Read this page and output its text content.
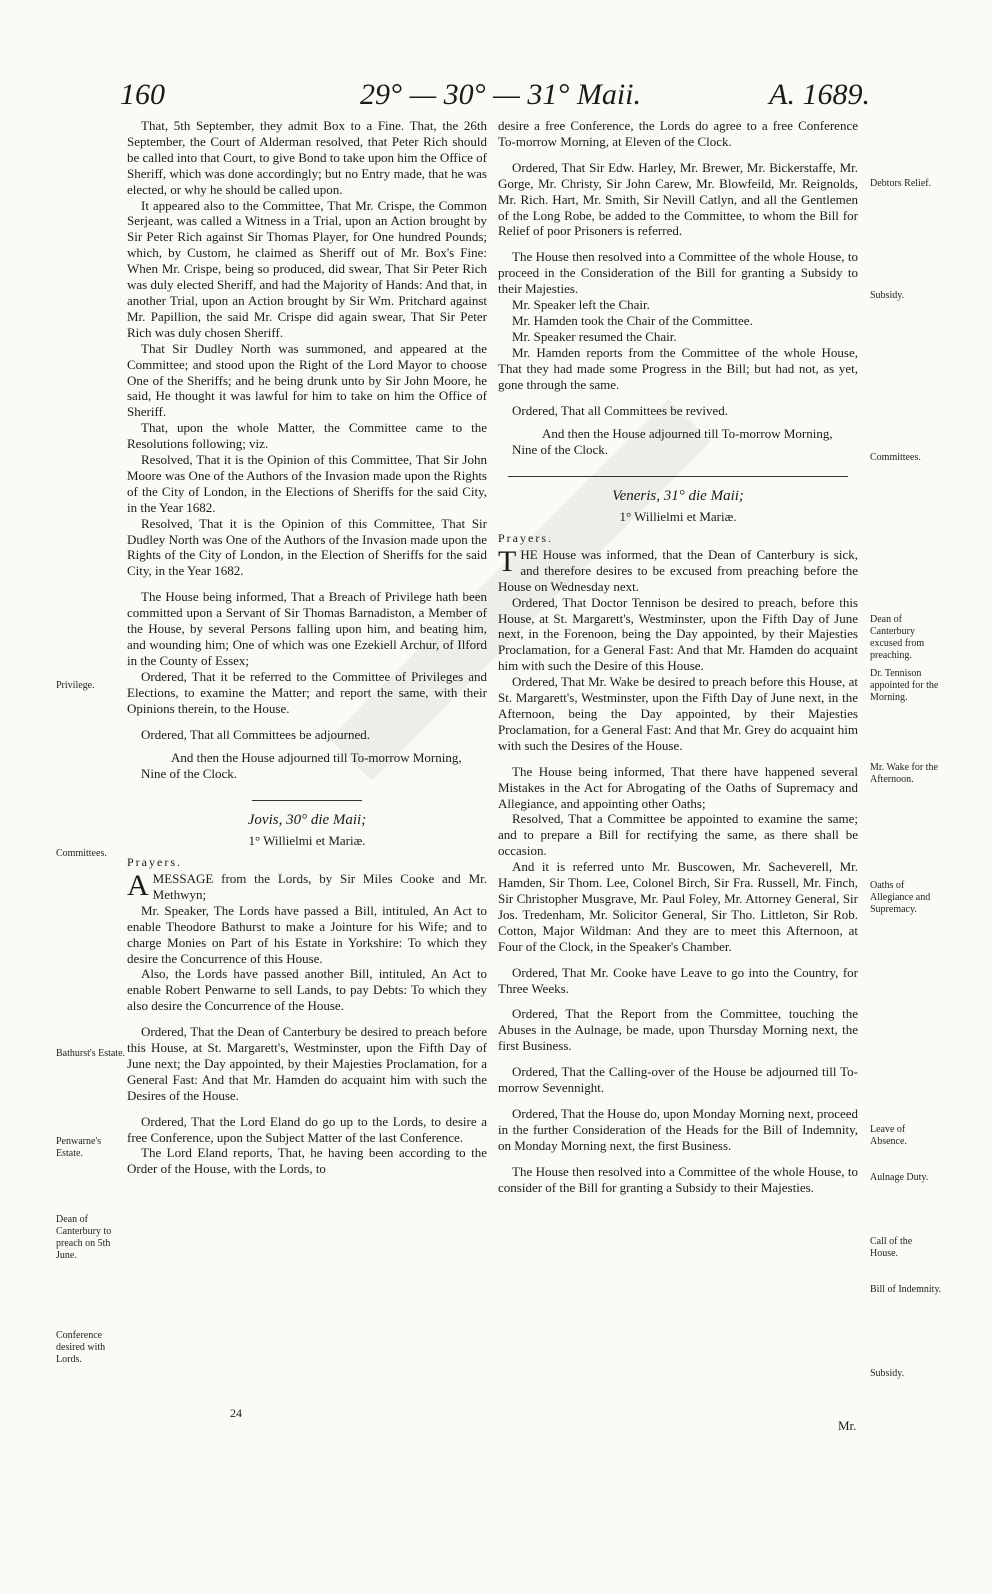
160	29° — 30° — 31° Maii.	A. 1689.

That, 5th September, they admit Box to a Fine. That, the 26th September, the Court of Alderman resolved, that Peter Rich should be called into that Court, to give Bond to take upon him the Office of Sheriff, which was done accordingly; but no Entry made, that he was elected, or why he should be called upon.

It appeared also to the Committee, That Mr. Crispe, the Common Serjeant, was called a Witness in a Trial, upon an Action brought by Sir Peter Rich against Sir Thomas Player, for One hundred Pounds; which, by Custom, he claimed as Sheriff out of Mr. Box's Fine: When Mr. Crispe, being so produced, did swear, That Sir Peter Rich was duly elected Sheriff, and had the Majority of Hands: And that, in another Trial, upon an Action brought by Sir Wm. Pritchard against Mr. Papillion, the said Mr. Crispe did again swear, That Sir Peter Rich was duly chosen Sheriff.

That Sir Dudley North was summoned, and appeared at the Committee; and stood upon the Right of the Lord Mayor to choose One of the Sheriffs; and he being drunk unto by Sir John Moore, he said, He thought it was lawful for him to take on him the Office of Sheriff.

That, upon the whole Matter, the Committee came to the Resolutions following; viz.

Resolved, That it is the Opinion of this Committee, That Sir John Moore was One of the Authors of the Invasion made upon the Rights of the City of London, in the Elections of Sheriffs for the said City, in the Year 1682.

Resolved, That it is the Opinion of this Committee, That Sir Dudley North was One of the Authors of the Invasion made upon the Rights of the City of London, in the Election of Sheriffs for the said City, in the Year 1682.

The House being informed, That a Breach of Privilege hath been committed upon a Servant of Sir Thomas Barnadiston, a Member of the House, by several Persons falling upon him, and beating him, and wounding him; One of which was one Ezekiell Archur, of Ilford in the County of Essex;

Ordered, That it be referred to the Committee of Privileges and Elections, to examine the Matter; and report the same, with their Opinions therein, to the House.

Ordered, That all Committees be adjourned.

And then the House adjourned till To-morrow Morning, Nine of the Clock.

Jovis, 30° die Maii;
1° Willielmi et Mariæ.

Prayers.

AMESSAGE from the Lords, by Sir Miles Cooke and Mr. Methwyn;

Mr. Speaker, The Lords have passed a Bill, intituled, An Act to enable Theodore Bathurst to make a Jointure for his Wife; and to charge Monies on Part of his Estate in Yorkshire: To which they desire the Concurrence of this House.

Also, the Lords have passed another Bill, intituled, An Act to enable Robert Penwarne to sell Lands, to pay Debts: To which they also desire the Concurrence of the House.

Ordered, That the Dean of Canterbury be desired to preach before this House, at St. Margarett's, Westminster, upon the Fifth Day of June next; the Day appointed, by their Majesties Proclamation, for a General Fast: And that Mr. Hamden do acquaint him with such the Desires of the House.

Ordered, That the Lord Eland do go up to the Lords, to desire a free Conference, upon the Subject Matter of the last Conference.

The Lord Eland reports, That, he having been according to the Order of the House, with the Lords, to

desire a free Conference, the Lords do agree to a free Conference To-morrow Morning, at Eleven of the Clock.

Ordered, That Sir Edw. Harley, Mr. Brewer, Mr. Bickerstaffe, Mr. Gorge, Mr. Christy, Sir John Carew, Mr. Blowfeild, Mr. Reignolds, Mr. Rich. Hart, Mr. Smith, Sir Nevill Catlyn, and all the Gentlemen of the Long Robe, be added to the Committee, to whom the Bill for Relief of poor Prisoners is referred.

The House then resolved into a Committee of the whole House, to proceed in the Consideration of the Bill for granting a Subsidy to their Majesties.

Mr. Speaker left the Chair.

Mr. Hamden took the Chair of the Committee.

Mr. Speaker resumed the Chair.

Mr. Hamden reports from the Committee of the whole House, That they had made some Progress in the Bill; but had not, as yet, gone through the same.

Ordered, That all Committees be revived.

And then the House adjourned till To-morrow Morning, Nine of the Clock.

Veneris, 31° die Maii;
1° Willielmi et Mariæ.

Prayers.

THE House was informed, that the Dean of Canterbury is sick, and therefore desires to be excused from preaching before the House on Wednesday next.

Ordered, That Doctor Tennison be desired to preach, before this House, at St. Margarett's, Westminster, upon the Fifth Day of June next, in the Forenoon, being the Day appointed, by their Majesties Proclamation, for a General Fast: And that Mr. Hamden do acquaint him with such the Desire of this House.

Ordered, That Mr. Wake be desired to preach before this House, at St. Margarett's, Westminster, upon the Fifth Day of June next, in the Afternoon, being the Day appointed, by their Majesties Proclamation, for a General Fast: And that Mr. Grey do acquaint him with such the Desires of the House.

The House being informed, That there have happened several Mistakes in the Act for Abrogating of the Oaths of Supremacy and Allegiance, and appointing other Oaths;

Resolved, That a Committee be appointed to examine the same; and to prepare a Bill for rectifying the same, as there shall be occasion.

And it is referred unto Mr. Buscowen, Mr. Sacheverell, Mr. Hamden, Sir Thom. Lee, Colonel Birch, Sir Fra. Russell, Mr. Finch, Sir Christopher Musgrave, Mr. Paul Foley, Mr. Attorney General, Sir Jos. Tredenham, Mr. Solicitor General, Sir Tho. Littleton, Sir Rob. Cotton, Major Wildman: And they are to meet this Afternoon, at Four of the Clock, in the Speaker's Chamber.

Ordered, That Mr. Cooke have Leave to go into the Country, for Three Weeks.

Ordered, That the Report from the Committee, touching the Abuses in the Aulnage, be made, upon Thursday Morning next, the first Business.

Ordered, That the Calling-over of the House be adjourned till To-morrow Sevennight.

Ordered, That the House do, upon Monday Morning next, proceed in the further Consideration of the Heads for the Bill of Indemnity, on Monday Morning next, the first Business.

The House then resolved into a Committee of the whole House, to consider of the Bill for granting a Subsidy to their Majesties.

Privilege.
Committees.
Bathurst's Estate.
Penwarne's Estate.
Dean of Canterbury to preach on 5th June.
Conference desired with Lords.
Debtors Relief.
Subsidy.
Committees.
Dean of Canterbury excused from preaching.
Dr. Tennison appointed for the Morning.
Mr. Wake for the Afternoon.
Oaths of Allegiance and Supremacy.
Leave of Absence.
Aulnage Duty.
Call of the House.
Bill of Indemnity.
Subsidy.
24
Mr.
